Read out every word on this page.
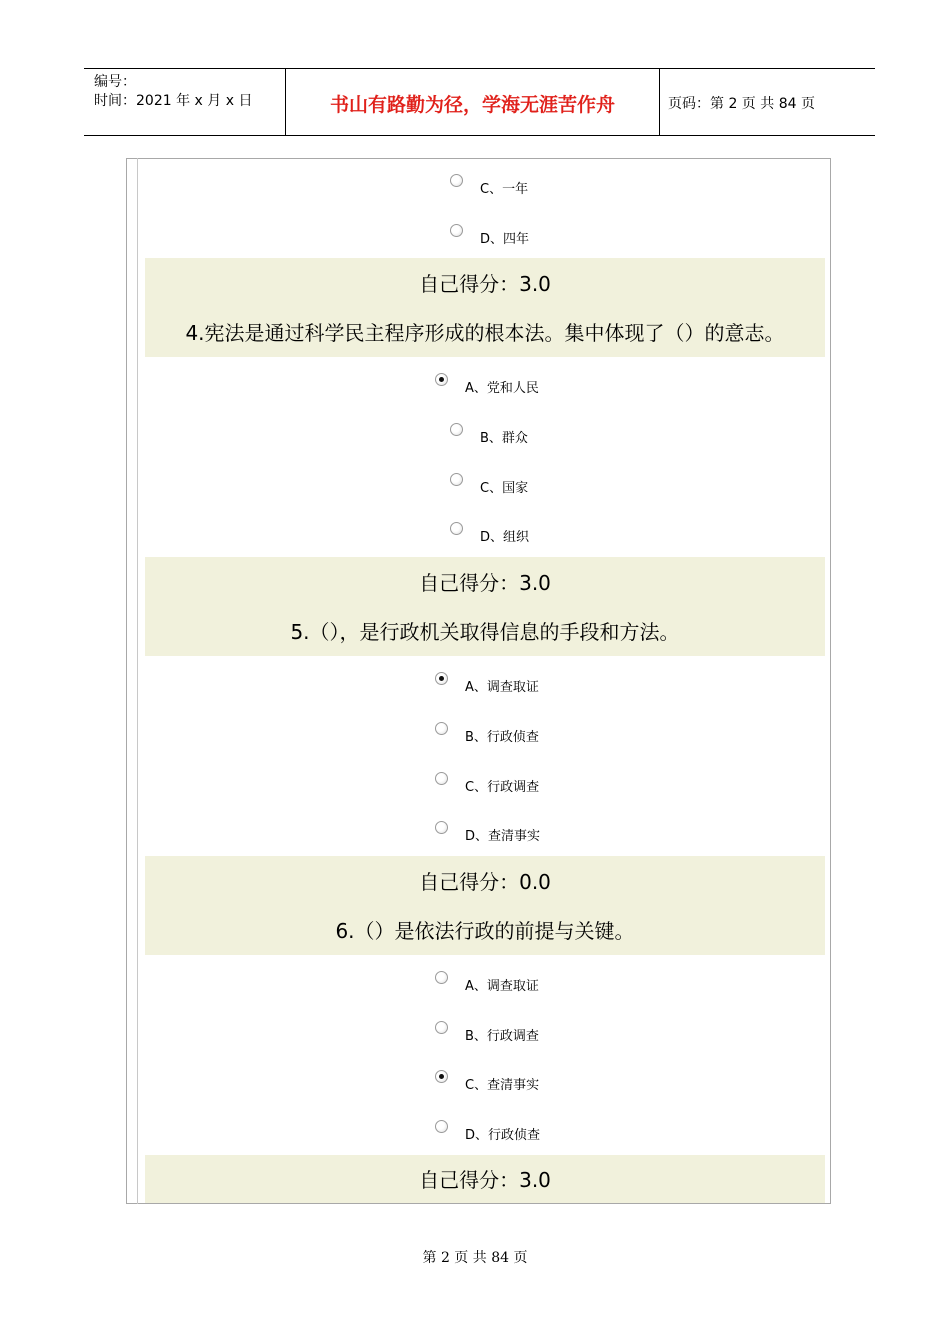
编号：
时间：2021 年 x 月 x 日	书山有路勤为径，学海无涯苦作舟	页码：第 2 页 共 84 页
C、一年
D、四年
自己得分：3.0
4.宪法是通过科学民主程序形成的根本法。集中体现了（）的意志。
A、党和人民
B、群众
C、国家
D、组织
自己得分：3.0
5.（），是行政机关取得信息的手段和方法。
A、调查取证
B、行政侦查
C、行政调查
D、查清事实
自己得分：0.0
6.（）是依法行政的前提与关键。
A、调查取证
B、行政调查
C、查清事实
D、行政侦查
自己得分：3.0
第 2 页 共 84 页
